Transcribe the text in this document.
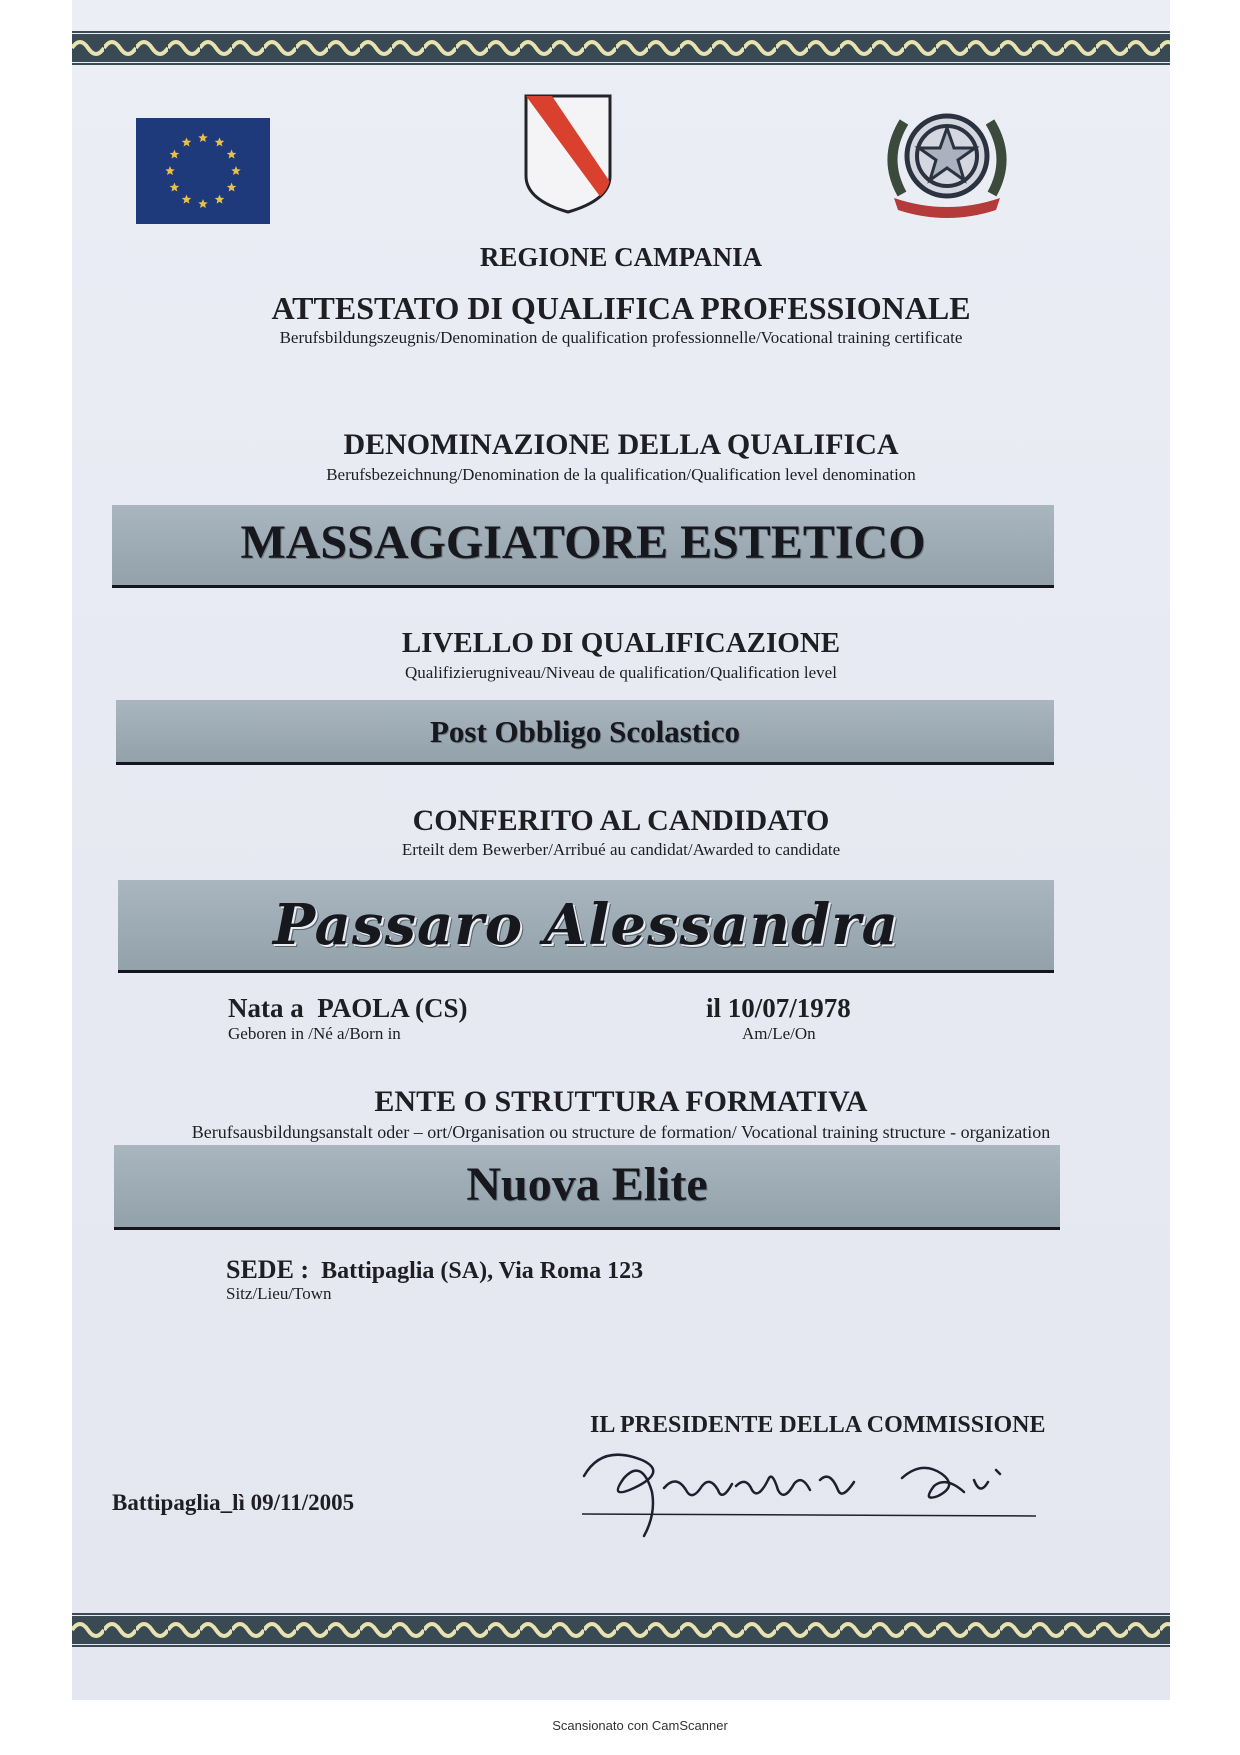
REGIONE CAMPANIA
ATTESTATO DI QUALIFICA PROFESSIONALE
Berufsbildungszeugnis/Denomination de qualification professionnelle/Vocational training certificate
DENOMINAZIONE DELLA QUALIFICA
Berufsbezeichnung/Denomination de la qualification/Qualification level denomination
MASSAGGIATORE ESTETICO
LIVELLO DI QUALIFICAZIONE
Qualifizierugniveau/Niveau de qualification/Qualification level
Post Obbligo Scolastico
CONFERITO AL CANDIDATO
Erteilt dem Bewerber/Arribué au candidat/Awarded to candidate
Passaro Alessandra
Nata a PAOLA (CS)
Geboren in /Né a/Born in
il 10/07/1978
Am/Le/On
ENTE O STRUTTURA FORMATIVA
Berufsausbildungsanstalt oder – ort/Organisation ou structure de formation/ Vocational training structure - organization
Nuova Elite
SEDE : Battipaglia (SA), Via Roma 123
Sitz/Lieu/Town
IL PRESIDENTE DELLA COMMISSIONE
Battipaglia_lì 09/11/2005
Scansionato con CamScanner
